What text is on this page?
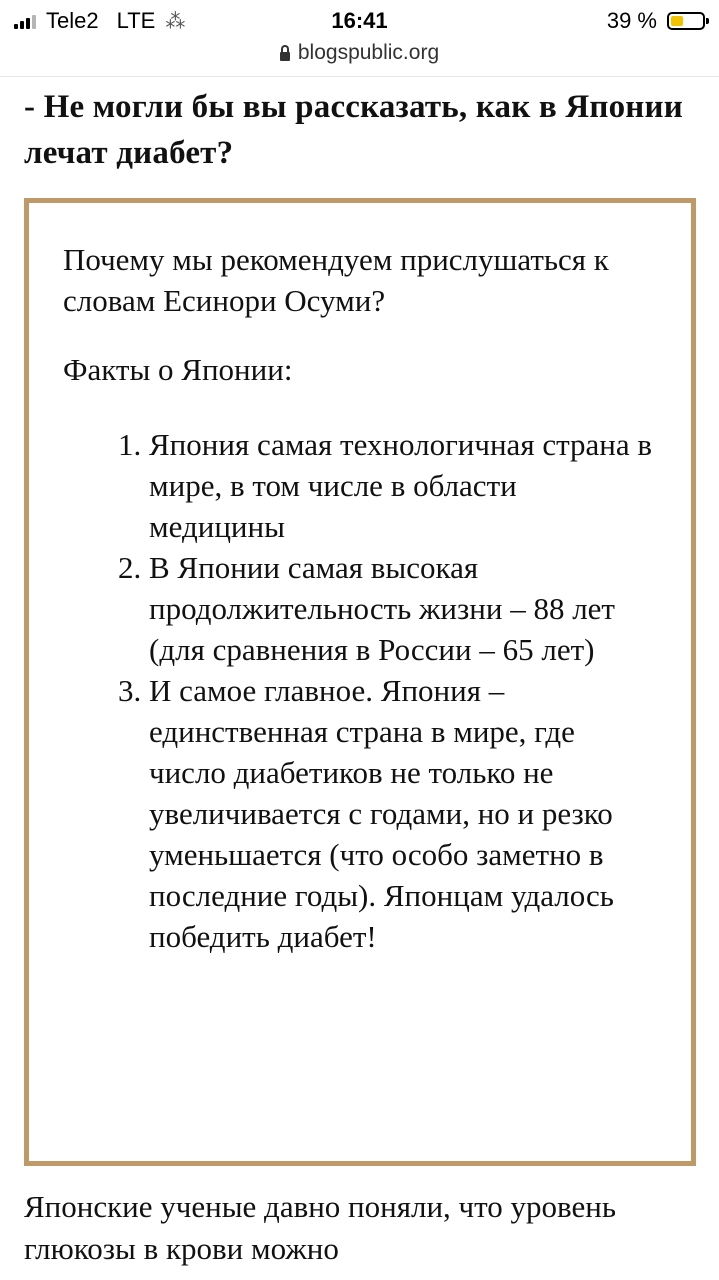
Tele2 LTE ⁂	16:41	39 %
blogspublic.org
- Не могли бы вы рассказать, как в Японии лечат диабет?

Почему мы рекомендуем прислушаться к словам Есинори Осуми?

Факты о Японии:

1. Япония самая технологичная страна в мире, в том числе в области медицины
2. В Японии самая высокая продолжительность жизни – 88 лет (для сравнения в России – 65 лет)
3. И самое главное. Япония – единственная страна в мире, где число диабетиков не только не увеличивается с годами, но и резко уменьшается (что особо заметно в последние годы). Японцам удалось победить диабет!

Японские ученые давно поняли, что уровень глюкозы в крови можно
